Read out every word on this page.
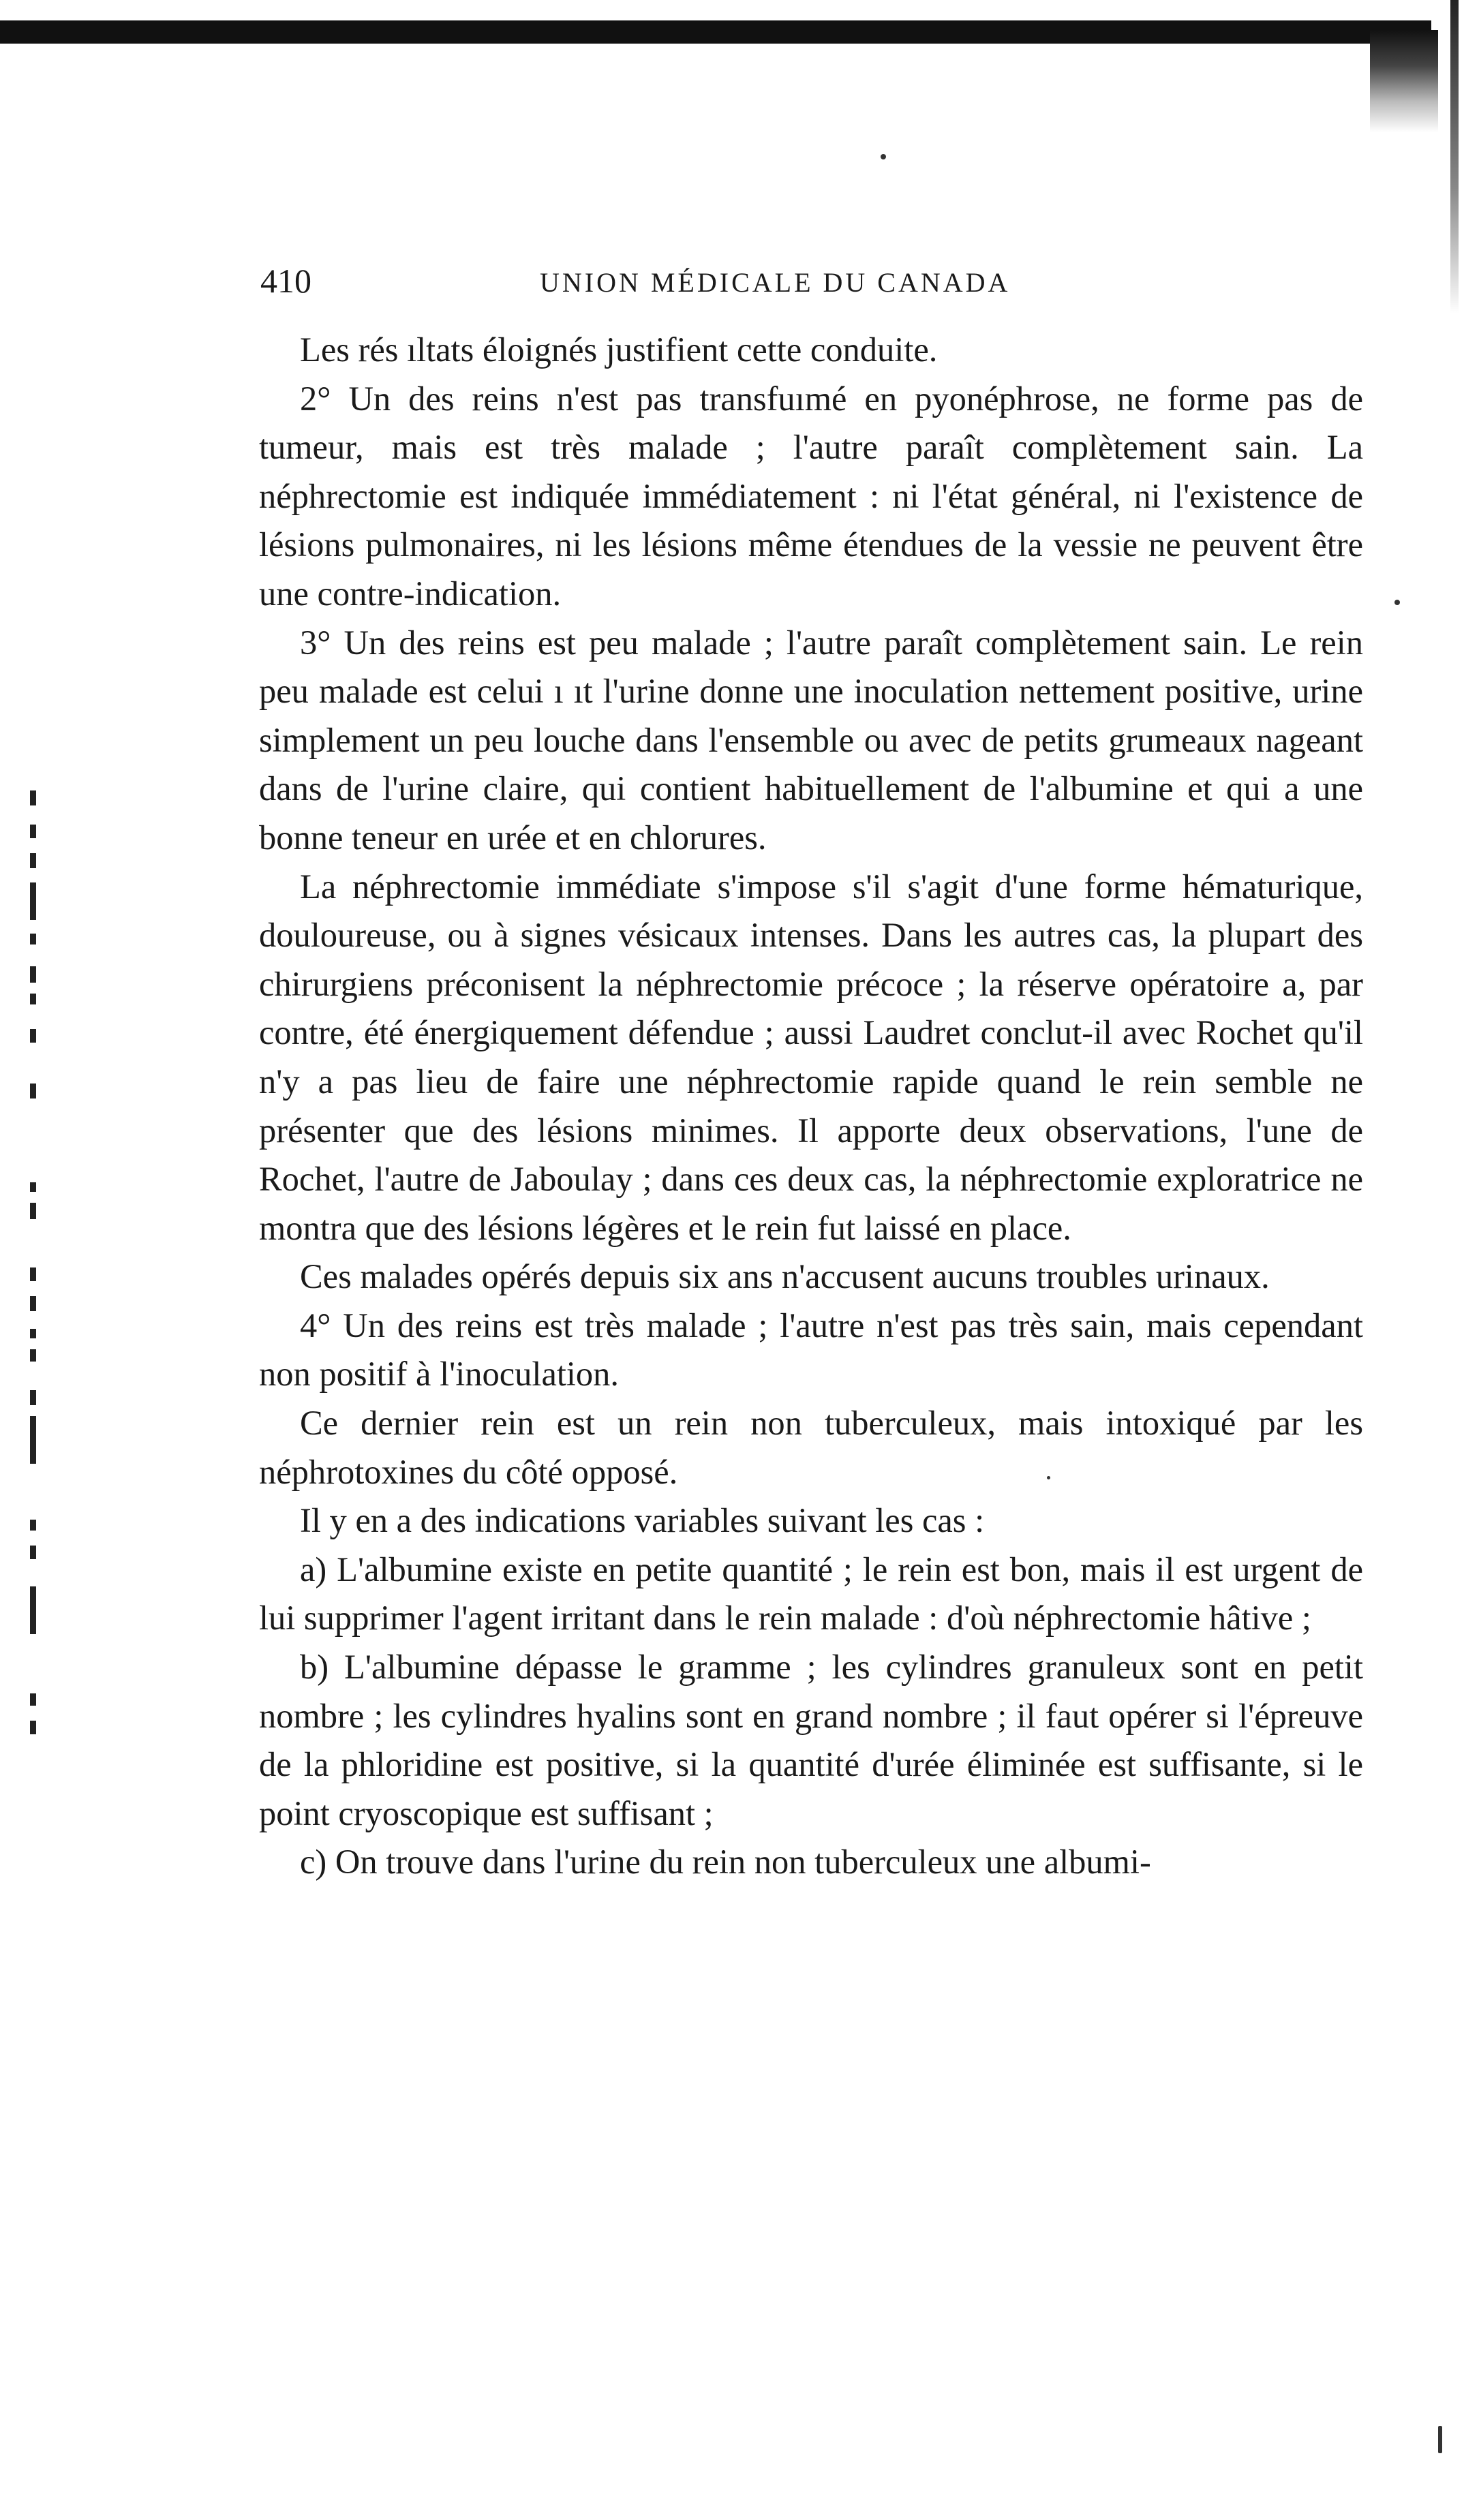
410	UNION MÉDICALE DU CANADA

Les rés ıltats éloignés justifient cette conduite.

2° Un des reins n'est pas transfuımé en pyonéphrose, ne forme pas de tumeur, mais est très malade ; l'autre paraît complètement sain. La néphrectomie est indiquée immédiatement : ni l'état général, ni l'existence de lésions pulmonaires, ni les lésions même étendues de la vessie ne peuvent être une contre-indication.

3° Un des reins est peu malade ; l'autre paraît complètement sain. Le rein peu malade est celui ı ıt l'urine donne une inoculation nettement positive, urine simplement un peu louche dans l'ensemble ou avec de petits grumeaux nageant dans de l'urine claire, qui contient habituellement de l'albumine et qui a une bonne teneur en urée et en chlorures.

La néphrectomie immédiate s'impose s'il s'agit d'une forme hématurique, douloureuse, ou à signes vésicaux intenses. Dans les autres cas, la plupart des chirurgiens préconisent la néphrectomie précoce ; la réserve opératoire a, par contre, été énergiquement défendue ; aussi Laudret conclut-il avec Rochet qu'il n'y a pas lieu de faire une néphrectomie rapide quand le rein semble ne présenter que des lésions minimes. Il apporte deux observations, l'une de Rochet, l'autre de Jaboulay ; dans ces deux cas, la néphrectomie exploratrice ne montra que des lésions légères et le rein fut laissé en place.

Ces malades opérés depuis six ans n'accusent aucuns troubles urinaux.

4° Un des reins est très malade ; l'autre n'est pas très sain, mais cependant non positif à l'inoculation.

Ce dernier rein est un rein non tuberculeux, mais intoxiqué par les néphrotoxines du côté opposé.

Il y en a des indications variables suivant les cas :

a) L'albumine existe en petite quantité ; le rein est bon, mais il est urgent de lui supprimer l'agent irritant dans le rein malade : d'où néphrectomie hâtive ;

b) L'albumine dépasse le gramme ; les cylindres granuleux sont en petit nombre ; les cylindres hyalins sont en grand nombre ; il faut opérer si l'épreuve de la phloridine est positive, si la quantité d'urée éliminée est suffisante, si le point cryoscopique est suffisant ;

c) On trouve dans l'urine du rein non tuberculeux une albumi-
